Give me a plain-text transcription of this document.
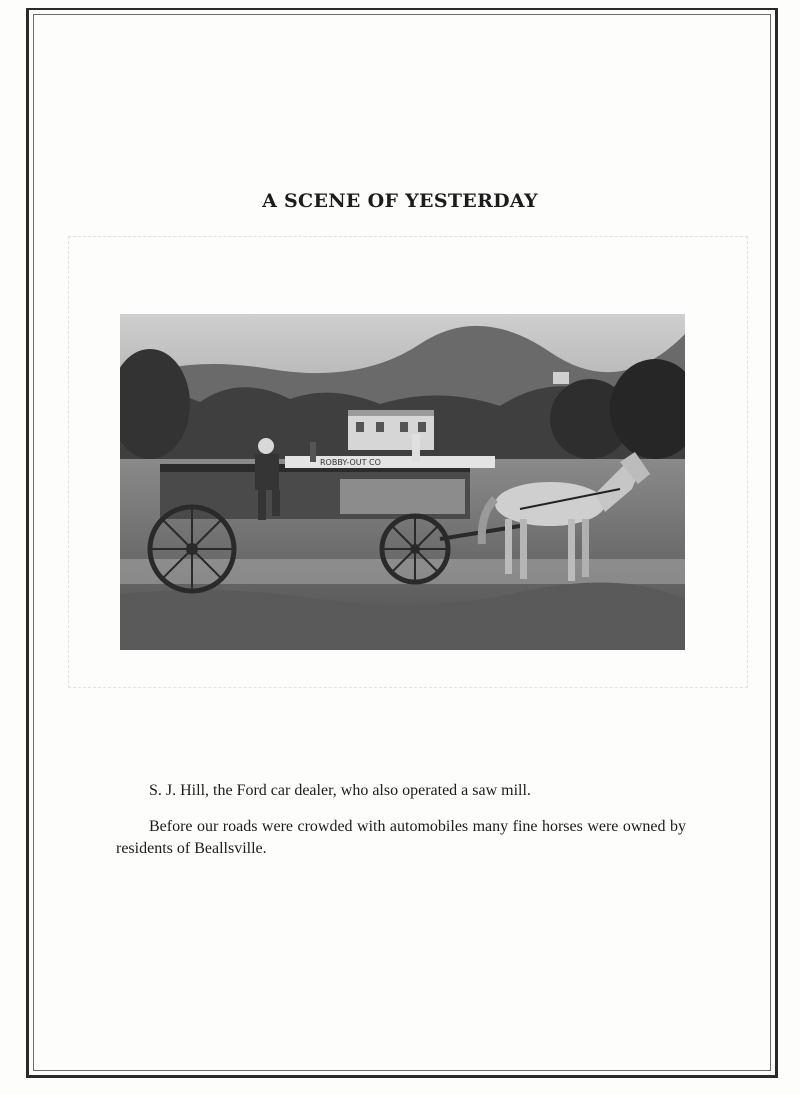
A SCENE OF YESTERDAY
ROBBY-OUT CO
S. J. Hill, the Ford car dealer, who also operated a saw mill.
Before our roads were crowded with automobiles many fine horses were owned by residents of Beallsville.
